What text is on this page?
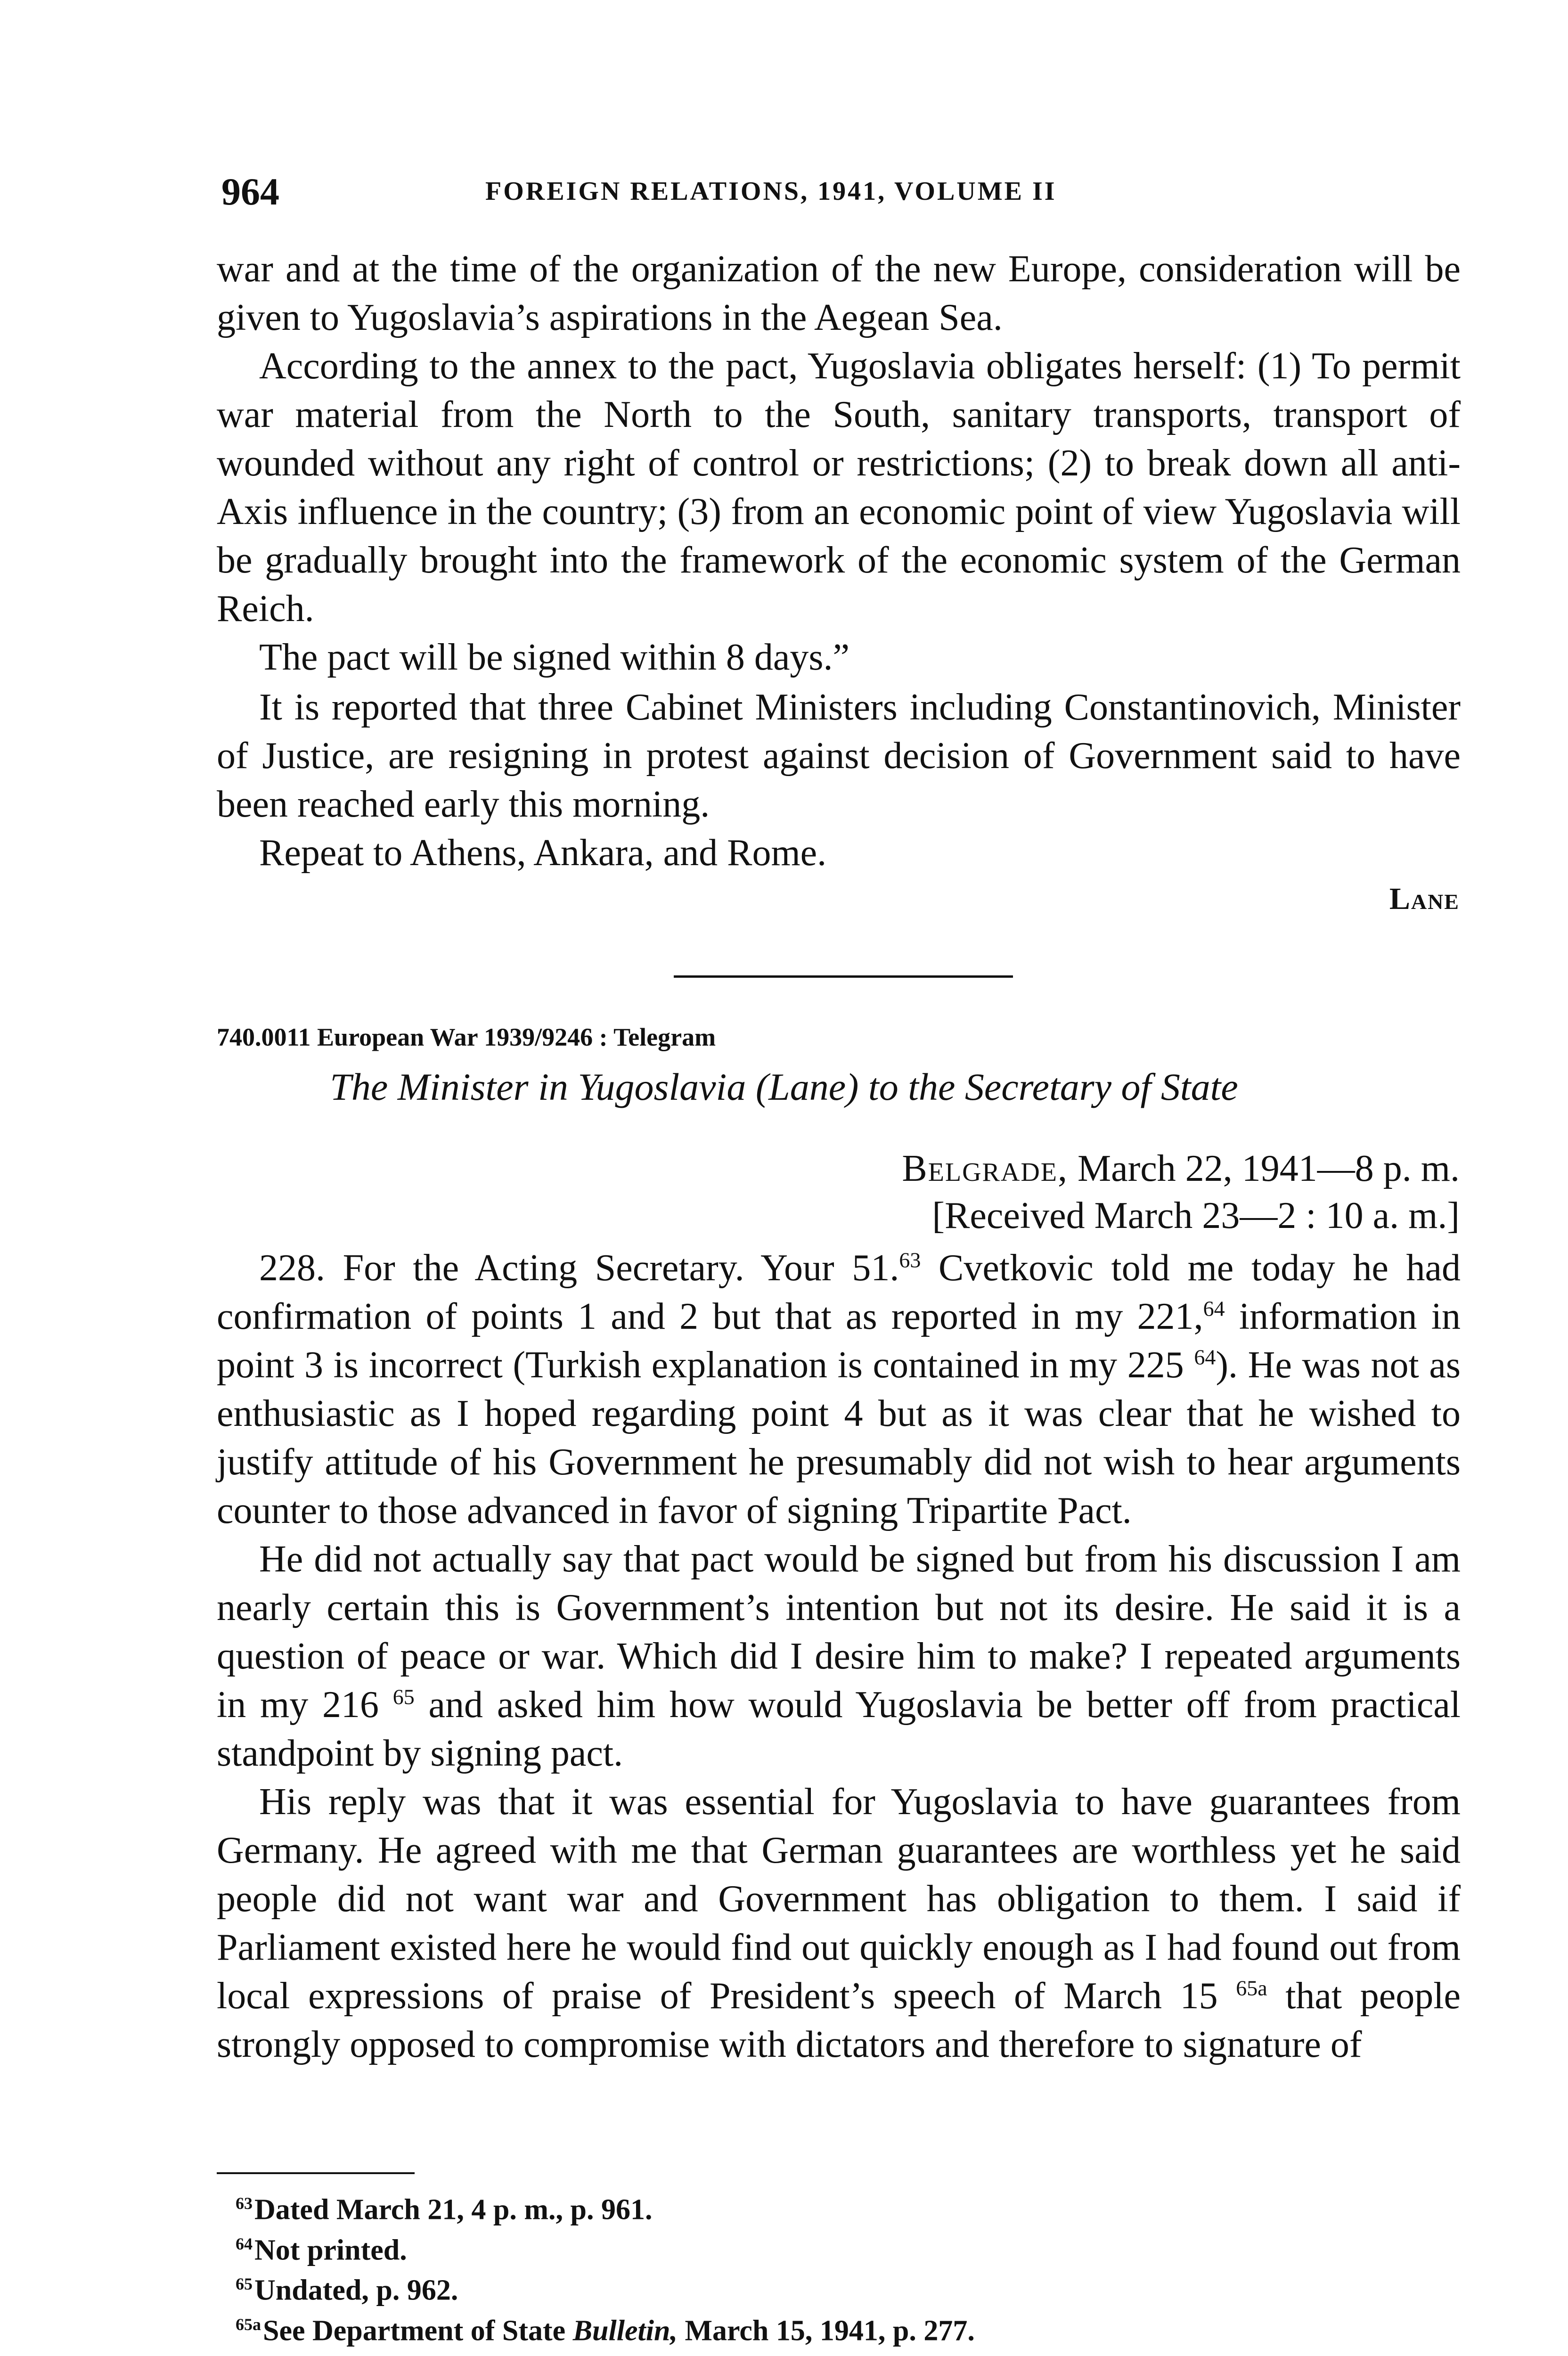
964	FOREIGN RELATIONS, 1941, VOLUME II

war and at the time of the organization of the new Europe, consideration will be given to Yugoslavia’s aspirations in the Aegean Sea.

According to the annex to the pact, Yugoslavia obligates herself: (1) To permit war material from the North to the South, sanitary transports, transport of wounded without any right of control or restrictions; (2) to break down all anti-Axis influence in the country; (3) from an economic point of view Yugoslavia will be gradually brought into the framework of the economic system of the German Reich.

The pact will be signed within 8 days.”

It is reported that three Cabinet Ministers including Constantinovich, Minister of Justice, are resigning in protest against decision of Government said to have been reached early this morning.

Repeat to Athens, Ankara, and Rome.

Lane
740.0011 European War 1939/9246 : Telegram
The Minister in Yugoslavia (Lane) to the Secretary of State
Belgrade, March 22, 1941—8 p. m.
[Received March 23—2 : 10 a. m.]

228. For the Acting Secretary. Your 51.63 Cvetkovic told me today he had confirmation of points 1 and 2 but that as reported in my 221,64 information in point 3 is incorrect (Turkish explanation is contained in my 225 $^{64}$). He was not as enthusiastic as I hoped regarding point 4 but as it was clear that he wished to justify attitude of his Government he presumably did not wish to hear arguments counter to those advanced in favor of signing Tripartite Pact.

He did not actually say that pact would be signed but from his discussion I am nearly certain this is Government’s intention but not its desire. He said it is a question of peace or war. Which did I desire him to make? I repeated arguments in my 216 $^{65}$ and asked him how would Yugoslavia be better off from practical standpoint by signing pact.

His reply was that it was essential for Yugoslavia to have guarantees from Germany. He agreed with me that German guarantees are worthless yet he said people did not want war and Government has obligation to them. I said if Parliament existed here he would find out quickly enough as I had found out from local expressions of praise of President’s speech of March 15 $^{65a}$ that people strongly opposed to compromise with dictators and therefore to signature of

$^{63}$Dated March 21, 4 p. m., p. 961.
$^{64}$Not printed.
$^{65}$Undated, p. 962.
$^{65a}$See Department of State Bulletin, March 15, 1941, p. 277.
